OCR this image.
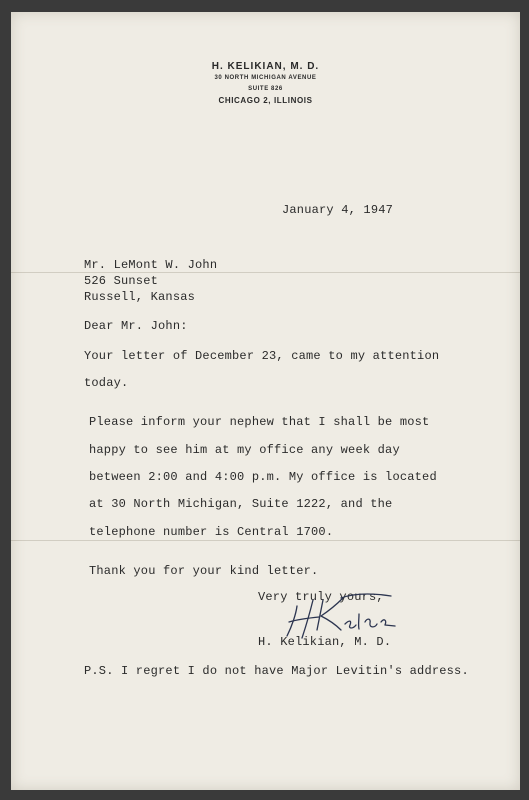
H. KELIKIAN, M. D.
30 NORTH MICHIGAN AVENUE
SUITE 826
CHICAGO 2, ILLINOIS
January 4, 1947
Mr. LeMont W. John
526 Sunset
Russell, Kansas
Dear Mr. John:
Your letter of December 23, came to my attention
today.
Please inform your nephew that I shall be most
happy to see him at my office any week day
between 2:00 and 4:00 p.m. My office is located
at 30 North Michigan, Suite 1222, and the
telephone number is Central 1700.
Thank you for your kind letter.
Very truly yours,
H. Kelikian, M. D.
P.S. I regret I do not have Major Levitin's address.
